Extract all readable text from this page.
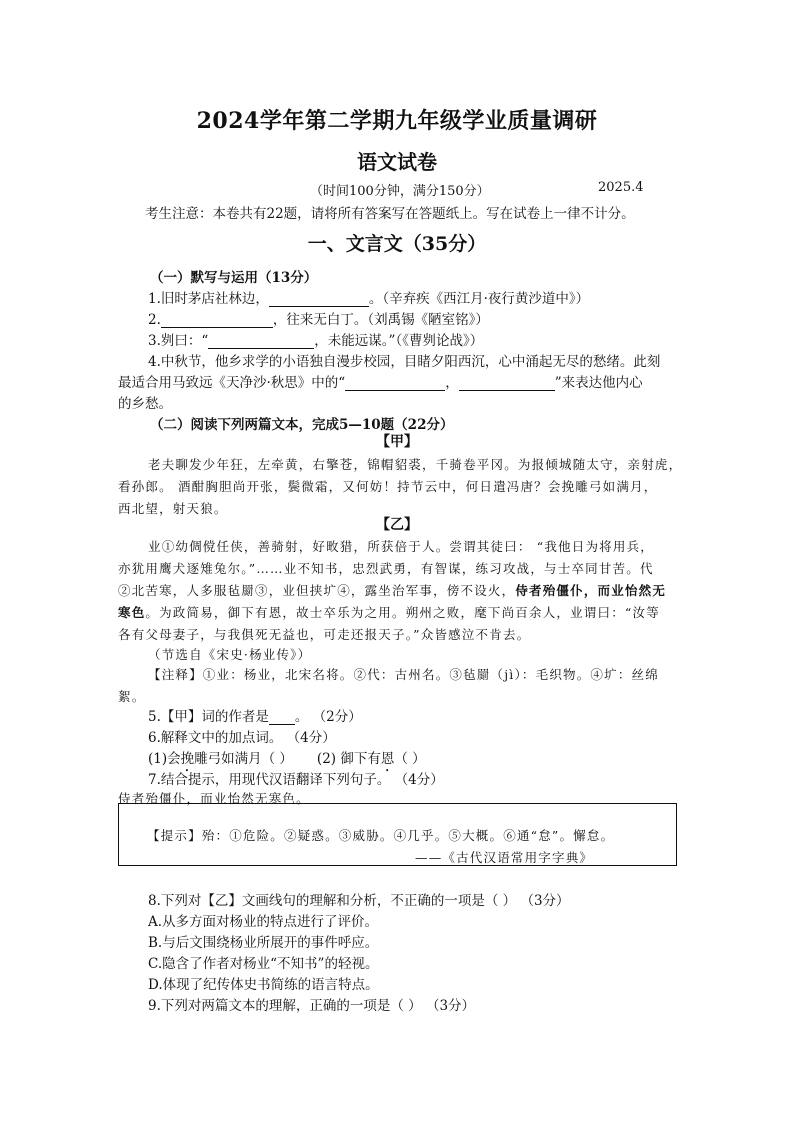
2024学年第二学期九年级学业质量调研
语文试卷
（时间100分钟，满分150分）	2025.4
考生注意：本卷共有22题，请将所有答案写在答题纸上。写在试卷上一律不计分。
一、文言文（35分）
（一）默写与运用（13分）
1.旧时茅店社林边，	。（辛弃疾《西江月·夜行黄沙道中》）
2.	，往来无白丁。（刘禹锡《陋室铭》）
3.刿曰：“	，未能远谋。”（《曹刿论战》）
4.中秋节，他乡求学的小语独自漫步校园，目睹夕阳西沉，心中涌起无尽的愁绪。此刻
最适合用马致远《天净沙·秋思》中的“	，	”来表达他内心
的乡愁。
（二）阅读下列两篇文本，完成5—10题（22分）
【甲】
老夫聊发少年狂，左牵黄，右擎苍，锦帽貂裘，千骑卷平冈。为报倾城随太守，亲射虎，
看孙郎。 酒酣胸胆尚开张，鬓微霜，又何妨！持节云中，何日遣冯唐？会挽雕弓如满月，
西北望，射天狼。
【乙】
业①幼倜傥任侠，善骑射，好畋猎，所获倍于人。尝谓其徒曰： “我他日为将用兵，
亦犹用鹰犬逐雉兔尔。”……业不知书，忠烈武勇，有智谋，练习攻战，与士卒同甘苦。代
②北苦寒，人多服毡罽③，业但挟圹④，露坐治军事，傍不设火，侍者殆僵仆，而业怡然无
寒色。为政简易，御下有恩，故士卒乐为之用。朔州之败，麾下尚百余人，业谓曰：“汝等
各有父母妻子，与我俱死无益也，可走还报天子。”众皆感泣不肯去。
（节选自《宋史·杨业传》）
【注释】①业：杨业，北宋名将。②代：古州名。③毡罽（jì）：毛织物。④圹：丝绵
絮。
5.【甲】词的作者是 。 （2分）
6.解释文中的加点词。 （4分）
(1)会挽雕弓如满月（ ） (2) 御下有恩（ ）
7.结合提示，用现代汉语翻译下列句子。 （4分）
侍者殆僵仆，而业怡然无寒色。
【提示】殆：①危险。②疑惑。③威胁。④几乎。⑤大概。⑥通“怠”。懈怠。
——《古代汉语常用字字典》
8.下列对【乙】文画线句的理解和分析，不正确的一项是（ ） （3分）
A.从多方面对杨业的特点进行了评价。
B.与后文围绕杨业所展开的事件呼应。
C.隐含了作者对杨业“不知书”的轻视。
D.体现了纪传体史书简练的语言特点。
9.下列对两篇文本的理解，正确的一项是（ ） （3分）
